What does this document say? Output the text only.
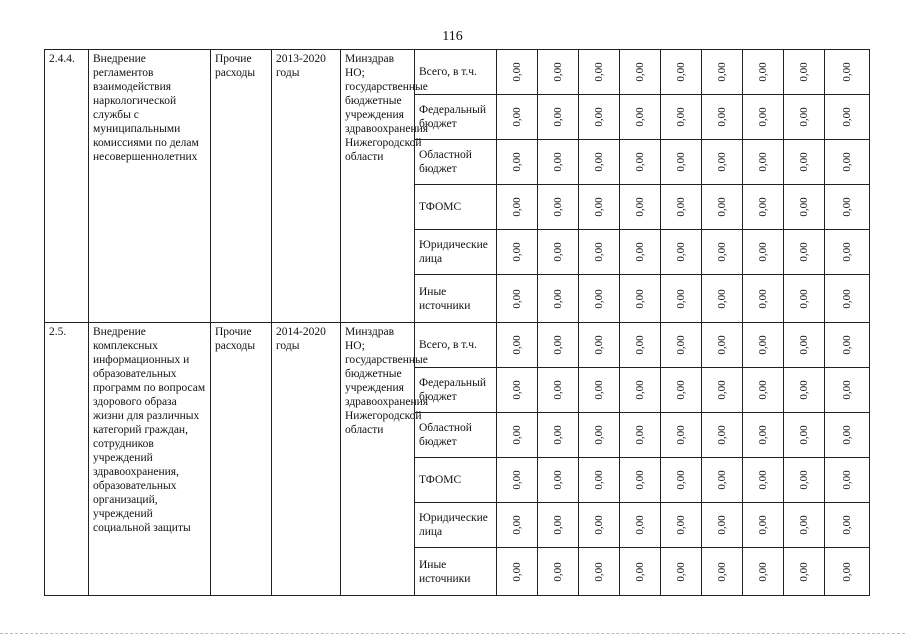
116
2.4.4.	Внедрение регламентов взаимодействия наркологической службы с муниципальными комиссиями по делам несовершеннолетних	Прочие расходы	2013-2020 годы	Минздрав НО; государственные бюджетные учреждения здравоохранения Нижегородской области	Всего, в т.ч.	0,00	0,00	0,00	0,00	0,00	0,00	0,00	0,00	0,00

					Федеральный бюджет	0,00	0,00	0,00	0,00	0,00	0,00	0,00	0,00	0,00

					Областной бюджет	0,00	0,00	0,00	0,00	0,00	0,00	0,00	0,00	0,00

					ТФОМС	0,00	0,00	0,00	0,00	0,00	0,00	0,00	0,00	0,00

					Юридические лица	0,00	0,00	0,00	0,00	0,00	0,00	0,00	0,00	0,00

					Иные источники	0,00	0,00	0,00	0,00	0,00	0,00	0,00	0,00	0,00

2.5.	Внедрение комплексных информационных и образовательных программ по вопросам здорового образа жизни для различных категорий граждан, сотрудников учреждений здравоохранения, образовательных организаций, учреждений социальной защиты	Прочие расходы	2014-2020 годы	Минздрав НО; государственные бюджетные учреждения здравоохранения Нижегородской области	Всего, в т.ч.	0,00	0,00	0,00	0,00	0,00	0,00	0,00	0,00	0,00

					Федеральный бюджет	0,00	0,00	0,00	0,00	0,00	0,00	0,00	0,00	0,00

					Областной бюджет	0,00	0,00	0,00	0,00	0,00	0,00	0,00	0,00	0,00

					ТФОМС	0,00	0,00	0,00	0,00	0,00	0,00	0,00	0,00	0,00

					Юридические лица	0,00	0,00	0,00	0,00	0,00	0,00	0,00	0,00	0,00

					Иные источники	0,00	0,00	0,00	0,00	0,00	0,00	0,00	0,00	0,00
